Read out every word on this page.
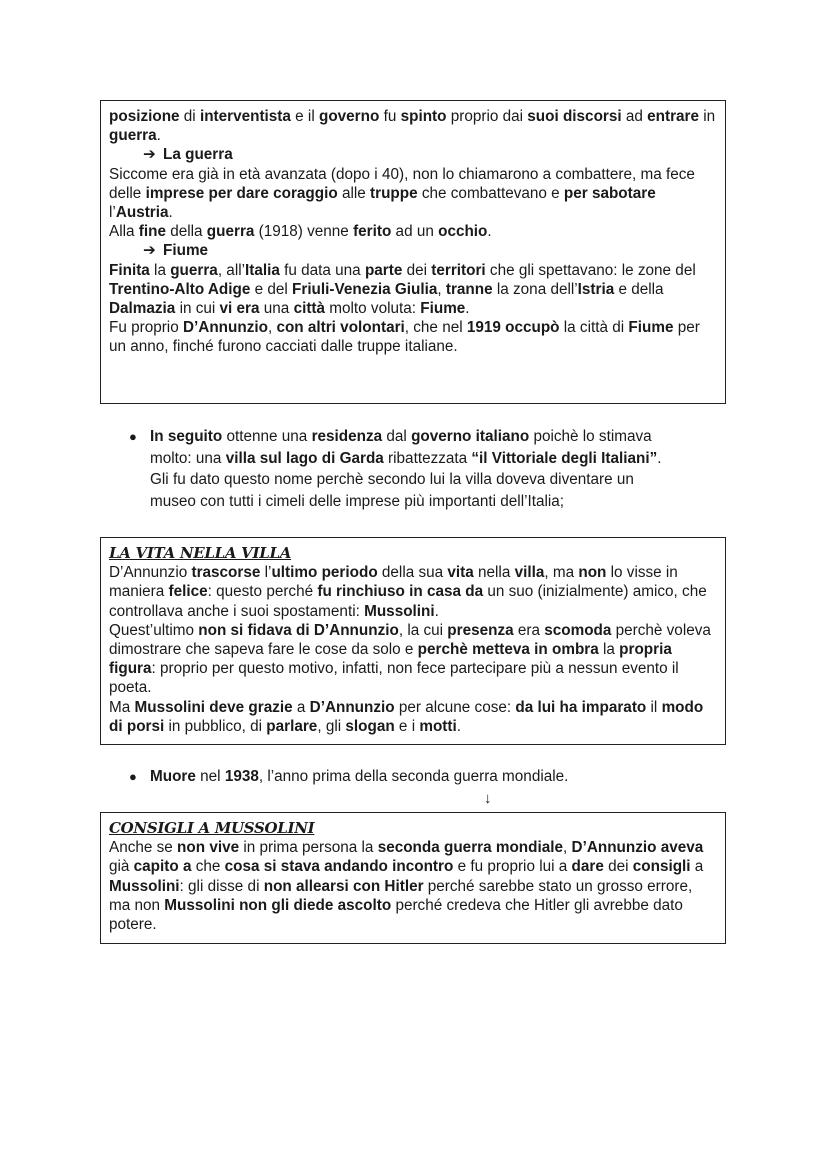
posizione di interventista e il governo fu spinto proprio dai suoi discorsi ad entrare in guerra.

➔ La guerra

Siccome era già in età avanzata (dopo i 40), non lo chiamarono a combattere, ma fece delle imprese per dare coraggio alle truppe che combattevano e per sabotare l’Austria.

Alla fine della guerra (1918) venne ferito ad un occhio.

➔ Fiume

Finita la guerra, all’Italia fu data una parte dei territori che gli spettavano: le zone del Trentino-Alto Adige e del Friuli-Venezia Giulia, tranne la zona dell’Istria e della Dalmazia in cui vi era una città molto voluta: Fiume.

Fu proprio D’Annunzio, con altri volontari, che nel 1919 occupò la città di Fiume per un anno, finché furono cacciati dalle truppe italiane.

● In seguito ottenne una residenza dal governo italiano poichè lo stimava
molto: una villa sul lago di Garda ribattezzata “il Vittoriale degli Italiani”.
Gli fu dato questo nome perchè secondo lui la villa doveva diventare un
museo con tutti i cimeli delle imprese più importanti dell’Italia;

LA VITA NELLA VILLA

D’Annunzio trascorse l’ultimo periodo della sua vita nella villa, ma non lo visse in maniera felice: questo perché fu rinchiuso in casa da un suo (inizialmente) amico, che controllava anche i suoi spostamenti: Mussolini.

Quest’ultimo non si fidava di D’Annunzio, la cui presenza era scomoda perchè voleva dimostrare che sapeva fare le cose da solo e perchè metteva in ombra la propria figura: proprio per questo motivo, infatti, non fece partecipare più a nessun evento il poeta.

Ma Mussolini deve grazie a D’Annunzio per alcune cose: da lui ha imparato il modo di porsi in pubblico, di parlare, gli slogan e i motti.

● Muore nel 1938, l’anno prima della seconda guerra mondiale.
↓

CONSIGLI A MUSSOLINI

Anche se non vive in prima persona la seconda guerra mondiale, D’Annunzio aveva già capito a che cosa si stava andando incontro e fu proprio lui a dare dei consigli a Mussolini: gli disse di non allearsi con Hitler perché sarebbe stato un grosso errore, ma non Mussolini non gli diede ascolto perché credeva che Hitler gli avrebbe dato potere.
